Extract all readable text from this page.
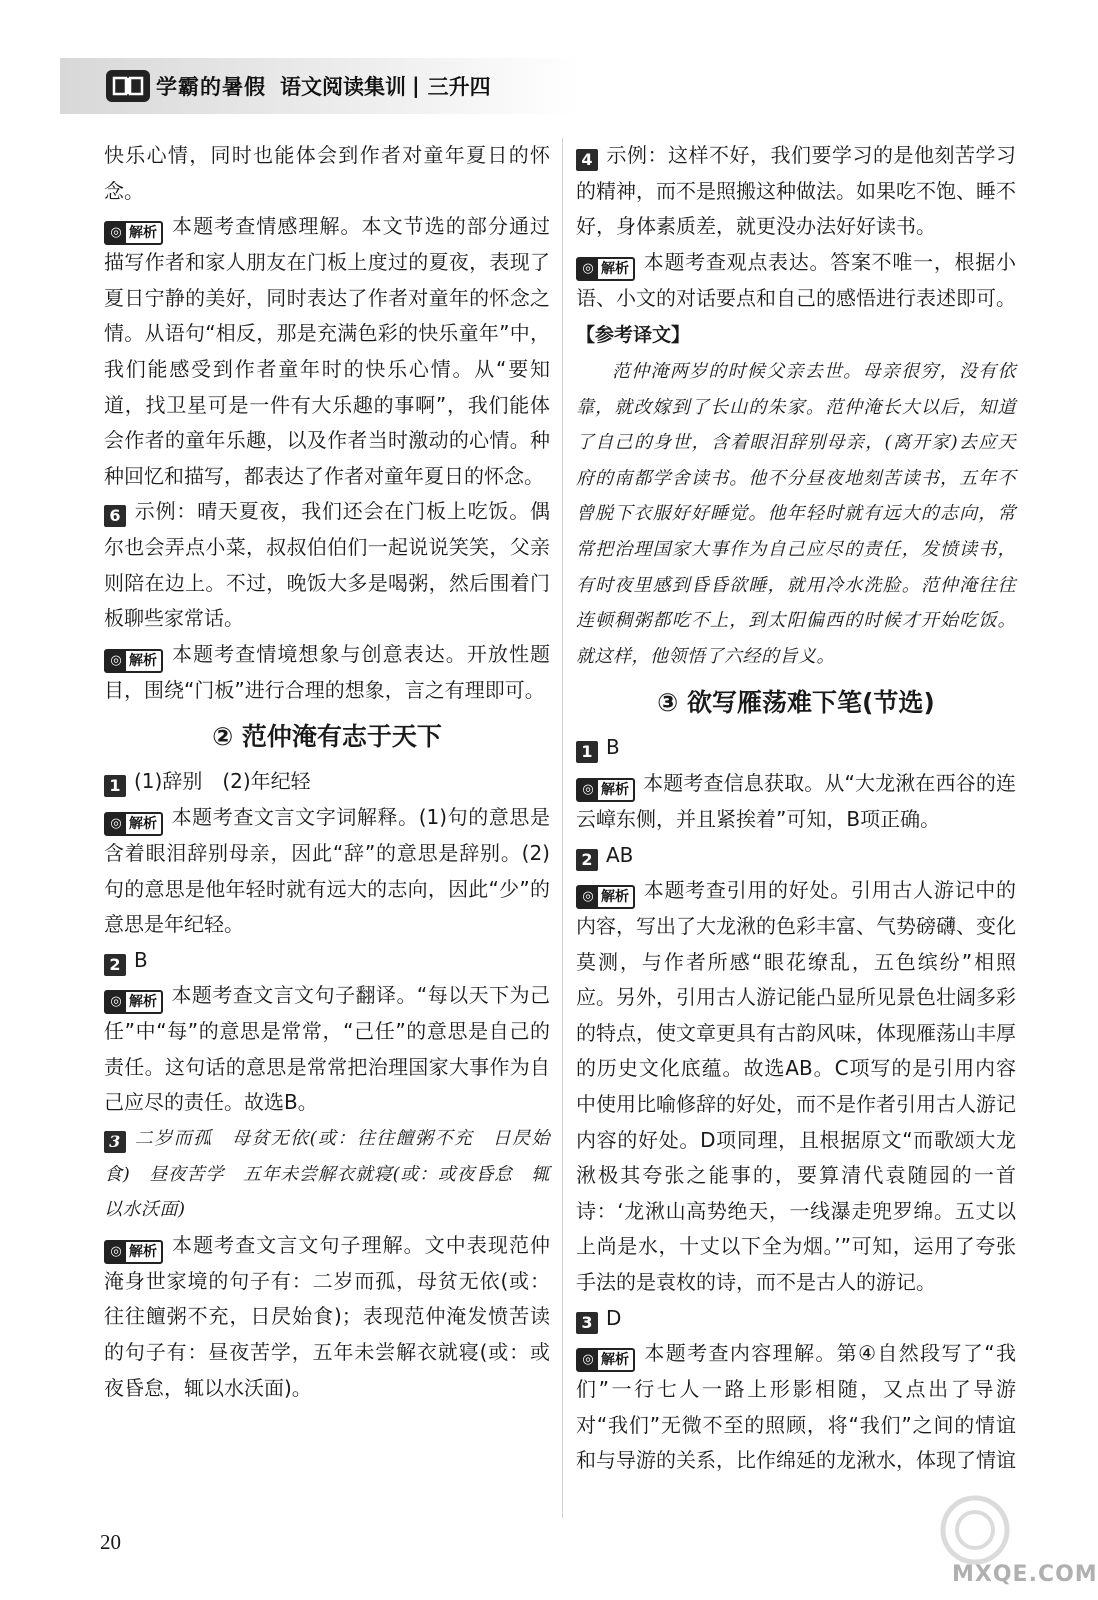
学霸的暑假 语文阅读集训 | 三升四

快乐心情，同时也能体会到作者对童年夏日的怀念。

◎ 解析 本题考查情感理解。本文节选的部分通过描写作者和家人朋友在门板上度过的夏夜，表现了夏日宁静的美好，同时表达了作者对童年的怀念之情。从语句“相反，那是充满色彩的快乐童年”中，我们能感受到作者童年时的快乐心情。从“要知道，找卫星可是一件有大乐趣的事啊”，我们能体会作者的童年乐趣，以及作者当时激动的心情。种种回忆和描写，都表达了作者对童年夏日的怀念。

6 示例：晴天夏夜，我们还会在门板上吃饭。偶尔也会弄点小菜，叔叔伯伯们一起说说笑笑，父亲则陪在边上。不过，晚饭大多是喝粥，然后围着门板聊些家常话。

◎ 解析 本题考查情境想象与创意表达。开放性题目，围绕“门板”进行合理的想象，言之有理即可。

② 范仲淹有志于天下

1 (1)辞别　(2)年纪轻

◎ 解析 本题考查文言文字词解释。(1)句的意思是含着眼泪辞别母亲，因此“辞”的意思是辞别。(2)句的意思是他年轻时就有远大的志向，因此“少”的意思是年纪轻。

2 B

◎ 解析 本题考查文言文句子翻译。“每以天下为己任”中“每”的意思是常常，“己任”的意思是自己的责任。这句话的意思是常常把治理国家大事作为自己应尽的责任。故选B。

3 二岁而孤　母贫无依(或：往往饘粥不充　日昃始食)　昼夜苦学　五年未尝解衣就寝(或：或夜昏怠　辄以水沃面)

◎ 解析 本题考查文言文句子理解。文中表现范仲淹身世家境的句子有：二岁而孤，母贫无依(或：往往饘粥不充，日昃始食)；表现范仲淹发愤苦读的句子有：昼夜苦学，五年未尝解衣就寝(或：或夜昏怠，辄以水沃面)。

4 示例：这样不好，我们要学习的是他刻苦学习的精神，而不是照搬这种做法。如果吃不饱、睡不好，身体素质差，就更没办法好好读书。

◎ 解析 本题考查观点表达。答案不唯一，根据小语、小文的对话要点和自己的感悟进行表述即可。

【参考译文】

范仲淹两岁的时候父亲去世。母亲很穷，没有依靠，就改嫁到了长山的朱家。范仲淹长大以后，知道了自己的身世，含着眼泪辞别母亲，(离开家)去应天府的南都学舍读书。他不分昼夜地刻苦读书，五年不曾脱下衣服好好睡觉。他年轻时就有远大的志向，常常把治理国家大事作为自己应尽的责任，发愤读书，有时夜里感到昏昏欲睡，就用冷水洗脸。范仲淹往往连顿稠粥都吃不上，到太阳偏西的时候才开始吃饭。就这样，他领悟了六经的旨义。

③ 欲写雁荡难下笔(节选)

1 B

◎ 解析 本题考查信息获取。从“大龙湫在西谷的连云嶂东侧，并且紧挨着”可知，B项正确。

2 AB

◎ 解析 本题考查引用的好处。引用古人游记中的内容，写出了大龙湫的色彩丰富、气势磅礴、变化莫测，与作者所感“眼花缭乱，五色缤纷”相照应。另外，引用古人游记能凸显所见景色壮阔多彩的特点，使文章更具有古韵风味，体现雁荡山丰厚的历史文化底蕴。故选AB。C项写的是引用内容中使用比喻修辞的好处，而不是作者引用古人游记内容的好处。D项同理，且根据原文“而歌颂大龙湫极其夸张之能事的，要算清代袁随园的一首诗：‘龙湫山高势绝天，一线瀑走兜罗绵。五丈以上尚是水，十丈以下全为烟。’”可知，运用了夸张手法的是袁枚的诗，而不是古人的游记。

3 D

◎ 解析 本题考查内容理解。第④自然段写了“我们”一行七人一路上形影相随，又点出了导游对“我们”无微不至的照顾，将“我们”之间的情谊和与导游的关系，比作绵延的龙湫水，体现了情谊

20
MXQE.COM
